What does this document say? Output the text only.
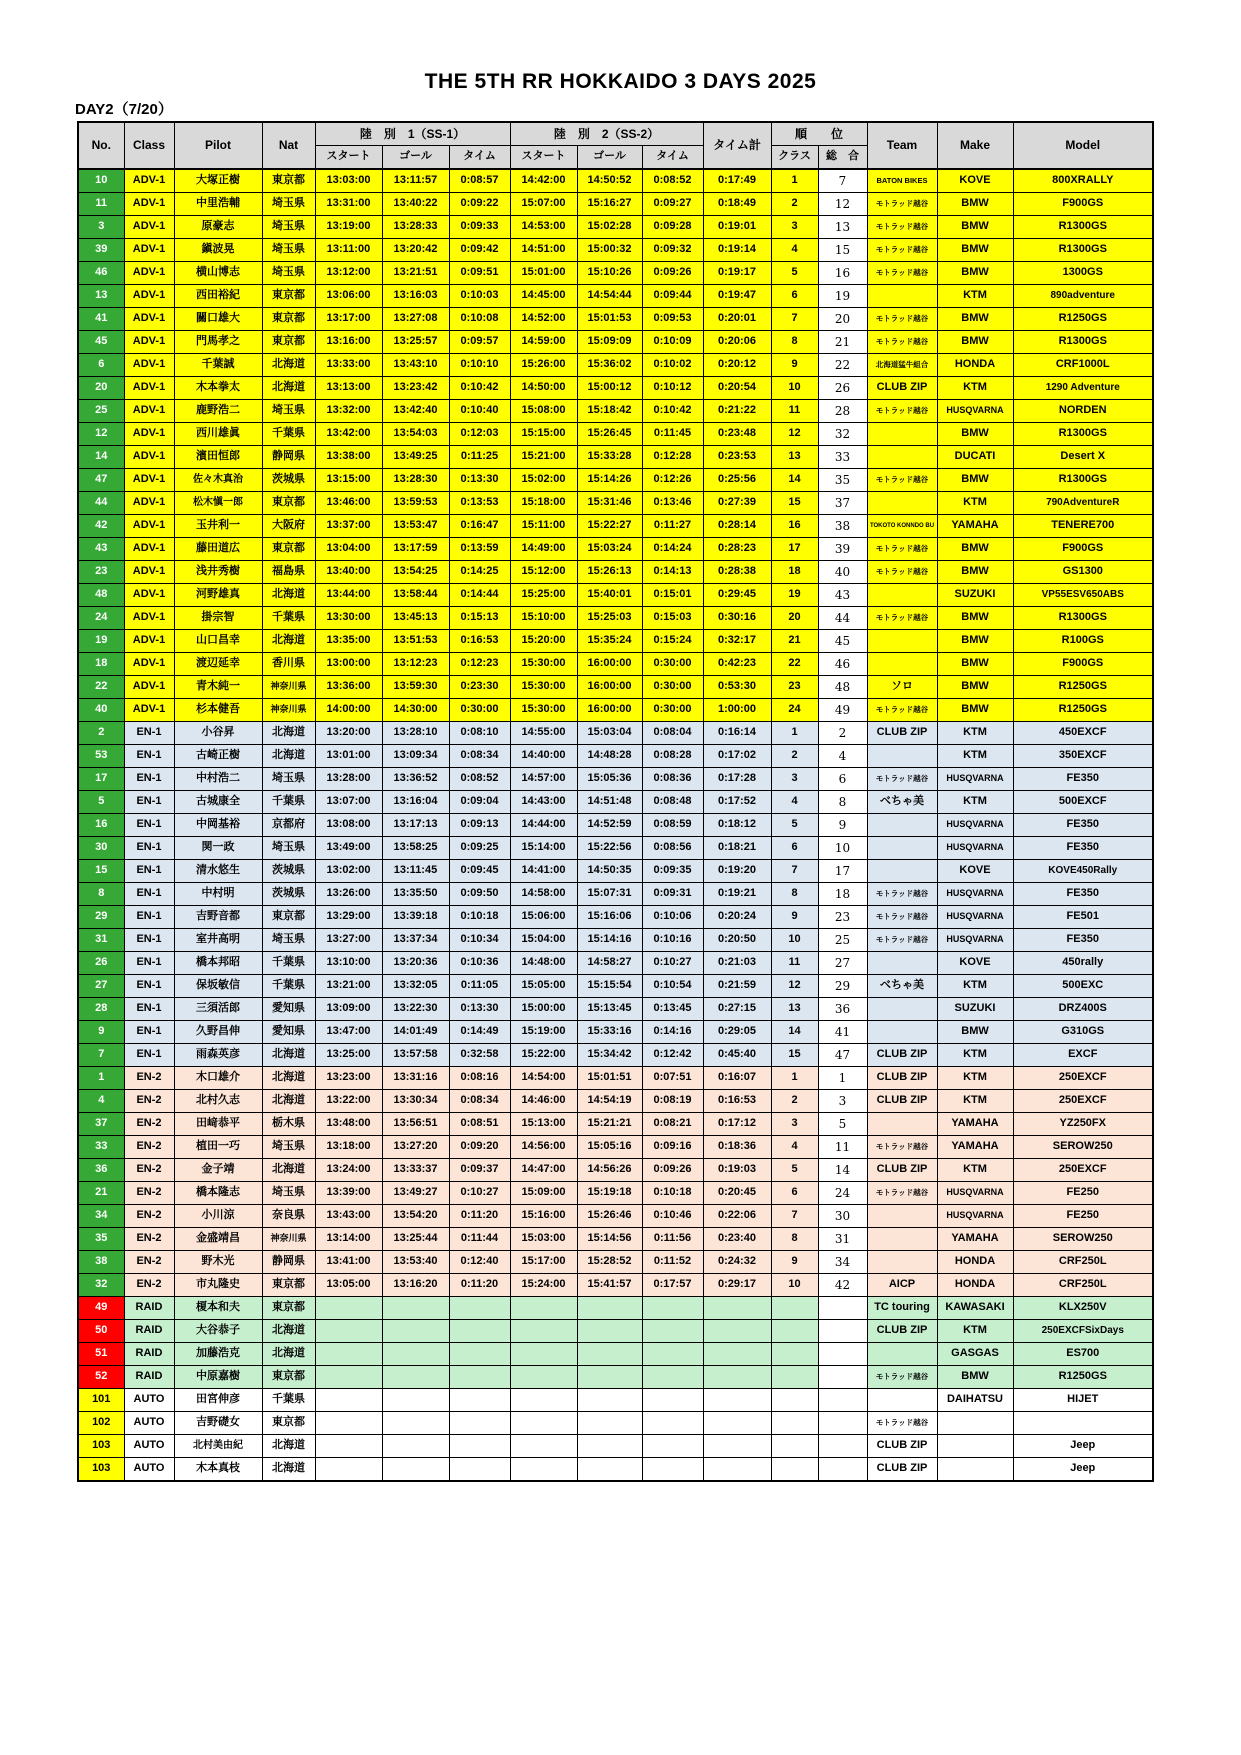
THE 5TH RR HOKKAIDO 3 DAYS 2025
DAY2（7/20）
No.	Class	Pilot	Nat	陸　別　1（SS-1）			陸　別　2（SS-2）			タイム計	順　　位		Team	Make	Model
				スタート	ゴール	タイム	スタート	ゴール	タイム		クラス	総　合			
10	ADV-1	大塚正樹	東京都	13:03:00	13:11:57	0:08:57	14:42:00	14:50:52	0:08:52	0:17:49	1	7	BATON BIKES	KOVE	800XRALLY
11	ADV-1	中里浩輔	埼玉県	13:31:00	13:40:22	0:09:22	15:07:00	15:16:27	0:09:27	0:18:49	2	12	モトラッド越谷	BMW	F900GS
3	ADV-1	原豪志	埼玉県	13:19:00	13:28:33	0:09:33	14:53:00	15:02:28	0:09:28	0:19:01	3	13	モトラッド越谷	BMW	R1300GS
39	ADV-1	鎭波晃	埼玉県	13:11:00	13:20:42	0:09:42	14:51:00	15:00:32	0:09:32	0:19:14	4	15	モトラッド越谷	BMW	R1300GS
46	ADV-1	横山博志	埼玉県	13:12:00	13:21:51	0:09:51	15:01:00	15:10:26	0:09:26	0:19:17	5	16	モトラッド越谷	BMW	1300GS
13	ADV-1	西田裕紀	東京都	13:06:00	13:16:03	0:10:03	14:45:00	14:54:44	0:09:44	0:19:47	6	19		KTM	890adventure
41	ADV-1	關口雄大	東京都	13:17:00	13:27:08	0:10:08	14:52:00	15:01:53	0:09:53	0:20:01	7	20	モトラッド越谷	BMW	R1250GS
45	ADV-1	門馬孝之	東京都	13:16:00	13:25:57	0:09:57	14:59:00	15:09:09	0:10:09	0:20:06	8	21	モトラッド越谷	BMW	R1300GS
6	ADV-1	千葉誠	北海道	13:33:00	13:43:10	0:10:10	15:26:00	15:36:02	0:10:02	0:20:12	9	22	北海道猛牛組合	HONDA	CRF1000L
20	ADV-1	木本拳太	北海道	13:13:00	13:23:42	0:10:42	14:50:00	15:00:12	0:10:12	0:20:54	10	26	CLUB ZIP	KTM	1290 Adventure
25	ADV-1	鹿野浩二	埼玉県	13:32:00	13:42:40	0:10:40	15:08:00	15:18:42	0:10:42	0:21:22	11	28	モトラッド越谷	HUSQVARNA	NORDEN
12	ADV-1	西川雄眞	千葉県	13:42:00	13:54:03	0:12:03	15:15:00	15:26:45	0:11:45	0:23:48	12	32		BMW	R1300GS
14	ADV-1	濱田恒郎	静岡県	13:38:00	13:49:25	0:11:25	15:21:00	15:33:28	0:12:28	0:23:53	13	33		DUCATI	Desert X
47	ADV-1	佐々木真治	茨城県	13:15:00	13:28:30	0:13:30	15:02:00	15:14:26	0:12:26	0:25:56	14	35	モトラッド越谷	BMW	R1300GS
44	ADV-1	松木愼一郎	東京都	13:46:00	13:59:53	0:13:53	15:18:00	15:31:46	0:13:46	0:27:39	15	37		KTM	790AdventureR
42	ADV-1	玉井利一	大阪府	13:37:00	13:53:47	0:16:47	15:11:00	15:22:27	0:11:27	0:28:14	16	38	TOKOTO KONNDO BU	YAMAHA	TENERE700
43	ADV-1	藤田道広	東京都	13:04:00	13:17:59	0:13:59	14:49:00	15:03:24	0:14:24	0:28:23	17	39	モトラッド越谷	BMW	F900GS
23	ADV-1	浅井秀樹	福島県	13:40:00	13:54:25	0:14:25	15:12:00	15:26:13	0:14:13	0:28:38	18	40	モトラッド越谷	BMW	GS1300
48	ADV-1	河野雄真	北海道	13:44:00	13:58:44	0:14:44	15:25:00	15:40:01	0:15:01	0:29:45	19	43		SUZUKI	VP55ESV650ABS
24	ADV-1	掛宗智	千葉県	13:30:00	13:45:13	0:15:13	15:10:00	15:25:03	0:15:03	0:30:16	20	44	モトラッド越谷	BMW	R1300GS
19	ADV-1	山口昌幸	北海道	13:35:00	13:51:53	0:16:53	15:20:00	15:35:24	0:15:24	0:32:17	21	45		BMW	R100GS
18	ADV-1	渡辺延幸	香川県	13:00:00	13:12:23	0:12:23	15:30:00	16:00:00	0:30:00	0:42:23	22	46		BMW	F900GS
22	ADV-1	青木純一	神奈川県	13:36:00	13:59:30	0:23:30	15:30:00	16:00:00	0:30:00	0:53:30	23	48	ソロ	BMW	R1250GS
40	ADV-1	杉本健吾	神奈川県	14:00:00	14:30:00	0:30:00	15:30:00	16:00:00	0:30:00	1:00:00	24	49	モトラッド越谷	BMW	R1250GS
2	EN-1	小谷昇	北海道	13:20:00	13:28:10	0:08:10	14:55:00	15:03:04	0:08:04	0:16:14	1	2	CLUB ZIP	KTM	450EXCF
53	EN-1	古崎正樹	北海道	13:01:00	13:09:34	0:08:34	14:40:00	14:48:28	0:08:28	0:17:02	2	4		KTM	350EXCF
17	EN-1	中村浩二	埼玉県	13:28:00	13:36:52	0:08:52	14:57:00	15:05:36	0:08:36	0:17:28	3	6	モトラッド越谷	HUSQVARNA	FE350
5	EN-1	古城康全	千葉県	13:07:00	13:16:04	0:09:04	14:43:00	14:51:48	0:08:48	0:17:52	4	8	べちゃ美	KTM	500EXCF
16	EN-1	中岡基裕	京都府	13:08:00	13:17:13	0:09:13	14:44:00	14:52:59	0:08:59	0:18:12	5	9		HUSQVARNA	FE350
30	EN-1	関一政	埼玉県	13:49:00	13:58:25	0:09:25	15:14:00	15:22:56	0:08:56	0:18:21	6	10		HUSQVARNA	FE350
15	EN-1	清水悠生	茨城県	13:02:00	13:11:45	0:09:45	14:41:00	14:50:35	0:09:35	0:19:20	7	17		KOVE	KOVE450Rally
8	EN-1	中村明	茨城県	13:26:00	13:35:50	0:09:50	14:58:00	15:07:31	0:09:31	0:19:21	8	18	モトラッド越谷	HUSQVARNA	FE350
29	EN-1	吉野音都	東京都	13:29:00	13:39:18	0:10:18	15:06:00	15:16:06	0:10:06	0:20:24	9	23	モトラッド越谷	HUSQVARNA	FE501
31	EN-1	室井高明	埼玉県	13:27:00	13:37:34	0:10:34	15:04:00	15:14:16	0:10:16	0:20:50	10	25	モトラッド越谷	HUSQVARNA	FE350
26	EN-1	橋本邦昭	千葉県	13:10:00	13:20:36	0:10:36	14:48:00	14:58:27	0:10:27	0:21:03	11	27		KOVE	450rally
27	EN-1	保坂敏信	千葉県	13:21:00	13:32:05	0:11:05	15:05:00	15:15:54	0:10:54	0:21:59	12	29	べちゃ美	KTM	500EXC
28	EN-1	三須活郎	愛知県	13:09:00	13:22:30	0:13:30	15:00:00	15:13:45	0:13:45	0:27:15	13	36		SUZUKI	DRZ400S
9	EN-1	久野昌伸	愛知県	13:47:00	14:01:49	0:14:49	15:19:00	15:33:16	0:14:16	0:29:05	14	41		BMW	G310GS
7	EN-1	雨森英彦	北海道	13:25:00	13:57:58	0:32:58	15:22:00	15:34:42	0:12:42	0:45:40	15	47	CLUB ZIP	KTM	EXCF
1	EN-2	木口雄介	北海道	13:23:00	13:31:16	0:08:16	14:54:00	15:01:51	0:07:51	0:16:07	1	1	CLUB ZIP	KTM	250EXCF
4	EN-2	北村久志	北海道	13:22:00	13:30:34	0:08:34	14:46:00	14:54:19	0:08:19	0:16:53	2	3	CLUB ZIP	KTM	250EXCF
37	EN-2	田﨑恭平	栃木県	13:48:00	13:56:51	0:08:51	15:13:00	15:21:21	0:08:21	0:17:12	3	5		YAMAHA	YZ250FX
33	EN-2	植田一巧	埼玉県	13:18:00	13:27:20	0:09:20	14:56:00	15:05:16	0:09:16	0:18:36	4	11	モトラッド越谷	YAMAHA	SEROW250
36	EN-2	金子靖	北海道	13:24:00	13:33:37	0:09:37	14:47:00	14:56:26	0:09:26	0:19:03	5	14	CLUB ZIP	KTM	250EXCF
21	EN-2	橋本隆志	埼玉県	13:39:00	13:49:27	0:10:27	15:09:00	15:19:18	0:10:18	0:20:45	6	24	モトラッド越谷	HUSQVARNA	FE250
34	EN-2	小川涼	奈良県	13:43:00	13:54:20	0:11:20	15:16:00	15:26:46	0:10:46	0:22:06	7	30		HUSQVARNA	FE250
35	EN-2	金盛靖昌	神奈川県	13:14:00	13:25:44	0:11:44	15:03:00	15:14:56	0:11:56	0:23:40	8	31		YAMAHA	SEROW250
38	EN-2	野木光	静岡県	13:41:00	13:53:40	0:12:40	15:17:00	15:28:52	0:11:52	0:24:32	9	34		HONDA	CRF250L
32	EN-2	市丸隆史	東京都	13:05:00	13:16:20	0:11:20	15:24:00	15:41:57	0:17:57	0:29:17	10	42	AICP	HONDA	CRF250L
49	RAID	榎本和夫	東京都										TC touring	KAWASAKI	KLX250V
50	RAID	大谷恭子	北海道										CLUB ZIP	KTM	250EXCFSixDays
51	RAID	加藤浩克	北海道											GASGAS	ES700
52	RAID	中原嘉樹	東京都										モトラッド越谷	BMW	R1250GS
101	AUTO	田宮伸彦	千葉県											DAIHATSU	HIJET
102	AUTO	吉野礎女	東京都										モトラッド越谷		
103	AUTO	北村美由紀	北海道										CLUB ZIP		Jeep
103	AUTO	木本真枝	北海道										CLUB ZIP		Jeep
